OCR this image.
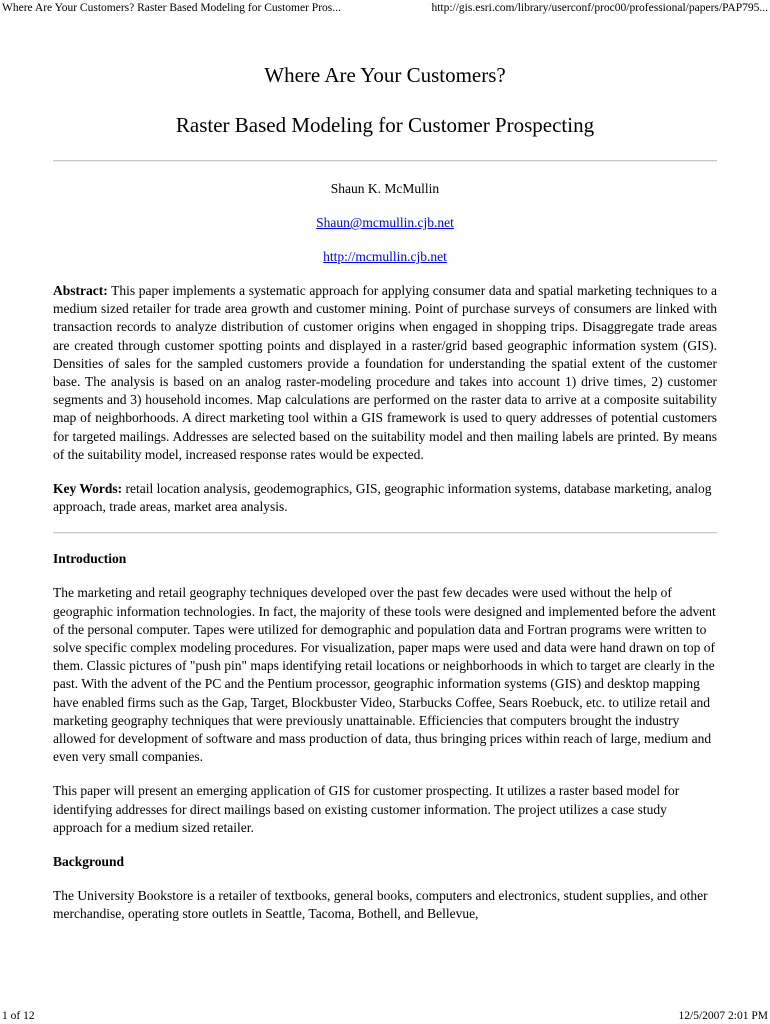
Where Are Your Customers? Raster Based Modeling for Customer Pros...	http://gis.esri.com/library/userconf/proc00/professional/papers/PAP795...
Where Are Your Customers?
Raster Based Modeling for Customer Prospecting
Shaun K. McMullin
Shaun@mcmullin.cjb.net
http://mcmullin.cjb.net

Abstract: This paper implements a systematic approach for applying consumer data and spatial marketing techniques to a medium sized retailer for trade area growth and customer mining. Point of purchase surveys of consumers are linked with transaction records to analyze distribution of customer origins when engaged in shopping trips. Disaggregate trade areas are created through customer spotting points and displayed in a raster/grid based geographic information system (GIS). Densities of sales for the sampled customers provide a foundation for understanding the spatial extent of the customer base. The analysis is based on an analog raster-modeling procedure and takes into account 1) drive times, 2) customer segments and 3) household incomes. Map calculations are performed on the raster data to arrive at a composite suitability map of neighborhoods. A direct marketing tool within a GIS framework is used to query addresses of potential customers for targeted mailings. Addresses are selected based on the suitability model and then mailing labels are printed. By means of the suitability model, increased response rates would be expected.

Key Words: retail location analysis, geodemographics, GIS, geographic information systems, database marketing, analog approach, trade areas, market area analysis.

Introduction

The marketing and retail geography techniques developed over the past few decades were used without the help of geographic information technologies. In fact, the majority of these tools were designed and implemented before the advent of the personal computer. Tapes were utilized for demographic and population data and Fortran programs were written to solve specific complex modeling procedures. For visualization, paper maps were used and data were hand drawn on top of them. Classic pictures of "push pin" maps identifying retail locations or neighborhoods in which to target are clearly in the past. With the advent of the PC and the Pentium processor, geographic information systems (GIS) and desktop mapping have enabled firms such as the Gap, Target, Blockbuster Video, Starbucks Coffee, Sears Roebuck, etc. to utilize retail and marketing geography techniques that were previously unattainable. Efficiencies that computers brought the industry allowed for development of software and mass production of data, thus bringing prices within reach of large, medium and even very small companies.

This paper will present an emerging application of GIS for customer prospecting. It utilizes a raster based model for identifying addresses for direct mailings based on existing customer information. The project utilizes a case study approach for a medium sized retailer.

Background

The University Bookstore is a retailer of textbooks, general books, computers and electronics, student supplies, and other merchandise, operating store outlets in Seattle, Tacoma, Bothell, and Bellevue,

1 of 12	12/5/2007 2:01 PM
